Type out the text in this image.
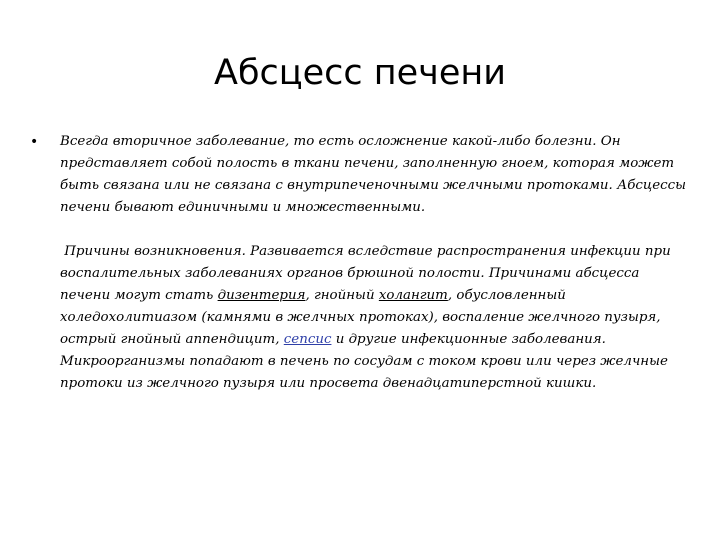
Абсцесс печени
• Всегда вторичное заболевание, то есть осложнение какой-либо болезни. Он представляет собой полость в ткани печени, заполненную гноем, которая может быть связана или не связана с внутрипеченочными желчными протоками. Абсцессы печени бывают единичными и множественными.

Причины возникновения. Развивается вследствие распространения инфекции при воспалительных заболеваниях органов брюшной полости. Причинами абсцесса печени могут стать дизентерия, гнойный холангит, обусловленный холедохолитиазом (камнями в желчных протоках), воспаление желчного пузыря, острый гнойный аппендицит, сепсис и другие инфекционные заболевания. Микроорганизмы попадают в печень по сосудам с током крови или через желчные протоки из желчного пузыря или просвета двенадцатиперстной кишки.
